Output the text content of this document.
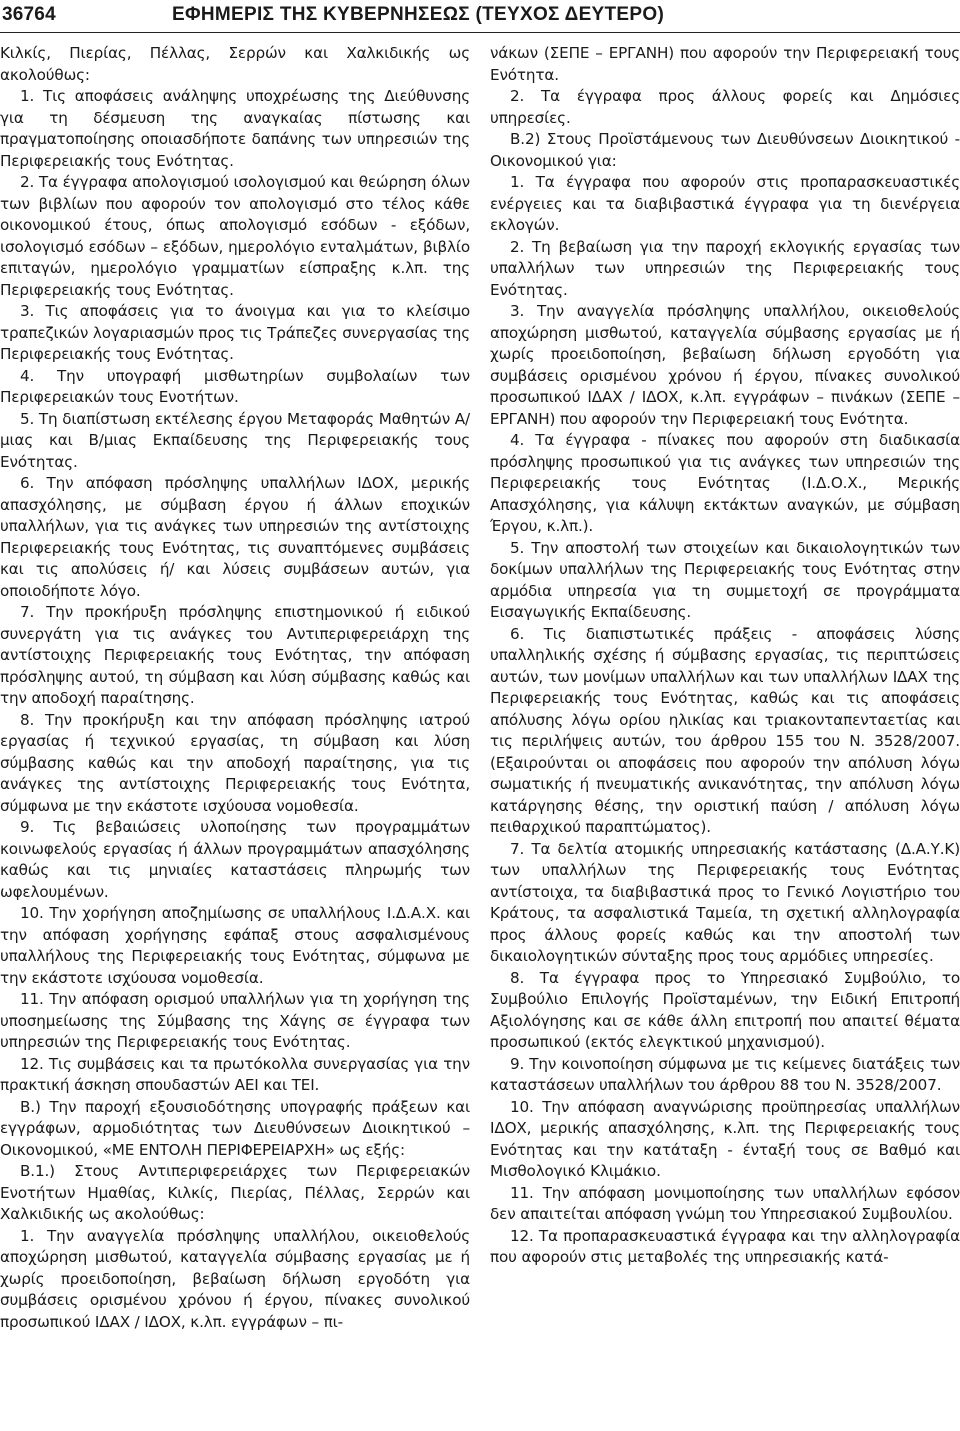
36764	ΕΦΗΜΕΡΙΣ ΤΗΣ ΚΥΒΕΡΝΗΣΕΩΣ (ΤΕΥΧΟΣ ΔΕΥΤΕΡΟ)

Κιλκίς, Πιερίας, Πέλλας, Σερρών και Χαλκιδικής ως ακολούθως:

1. Τις αποφάσεις ανάληψης υποχρέωσης της Διεύθυνσης για τη δέσμευση της αναγκαίας πίστωσης και πραγματοποίησης οποιασδήποτε δαπάνης των υπηρεσιών της Περιφερειακής τους Ενότητας.

2. Τα έγγραφα απολογισμού ισολογισμού και θεώρηση όλων των βιβλίων που αφορούν τον απολογισμό στο τέλος κάθε οικονομικού έτους, όπως απολογισμό εσόδων - εξόδων, ισολογισμό εσόδων – εξόδων, ημερολόγιο ενταλμάτων, βιβλίο επιταγών, ημερολόγιο γραμματίων είσπραξης κ.λπ. της Περιφερειακής τους Ενότητας.

3. Τις αποφάσεις για το άνοιγμα και για το κλείσιμο τραπεζικών λογαριασμών προς τις Τράπεζες συνεργασίας της Περιφερειακής τους Ενότητας.

4. Την υπογραφή μισθωτηρίων συμβολαίων των Περιφερειακών τους Ενοτήτων.

5. Τη διαπίστωση εκτέλεσης έργου Μεταφοράς Μαθητών Α/μιας και Β/μιας Εκπαίδευσης της Περιφερειακής τους Ενότητας.

6. Την απόφαση πρόσληψης υπαλλήλων ΙΔΟΧ, μερικής απασχόλησης, με σύμβαση έργου ή άλλων εποχικών υπαλλήλων, για τις ανάγκες των υπηρεσιών της αντίστοιχης Περιφερειακής τους Ενότητας, τις συναπτόμενες συμβάσεις και τις απολύσεις ή/ και λύσεις συμβάσεων αυτών, για οποιοδήποτε λόγο.

7. Την προκήρυξη πρόσληψης επιστημονικού ή ειδικού συνεργάτη για τις ανάγκες του Αντιπεριφερειάρχη της αντίστοιχης Περιφερειακής τους Ενότητας, την απόφαση πρόσληψης αυτού, τη σύμβαση και λύση σύμβασης καθώς και την αποδοχή παραίτησης.

8. Την προκήρυξη και την απόφαση πρόσληψης ιατρού εργασίας ή τεχνικού εργασίας, τη σύμβαση και λύση σύμβασης καθώς και την αποδοχή παραίτησης, για τις ανάγκες της αντίστοιχης Περιφερειακής τους Ενότητα, σύμφωνα με την εκάστοτε ισχύουσα νομοθεσία.

9. Τις βεβαιώσεις υλοποίησης των προγραμμάτων κοινωφελούς εργασίας ή άλλων προγραμμάτων απασχόλησης καθώς και τις μηνιαίες καταστάσεις πληρωμής των ωφελουμένων.

10. Την χορήγηση αποζημίωσης σε υπαλλήλους Ι.Δ.Α.Χ. και την απόφαση χορήγησης εφάπαξ στους ασφαλισμένους υπαλλήλους της Περιφερειακής τους Ενότητας, σύμφωνα με την εκάστοτε ισχύουσα νομοθεσία.

11. Την απόφαση ορισμού υπαλλήλων για τη χορήγηση της υποσημείωσης της Σύμβασης της Χάγης σε έγγραφα των υπηρεσιών της Περιφερειακής τους Ενότητας.

12. Τις συμβάσεις και τα πρωτόκολλα συνεργασίας για την πρακτική άσκηση σπουδαστών ΑΕΙ και ΤΕΙ.

Β.) Την παροχή εξουσιοδότησης υπογραφής πράξεων και εγγράφων, αρμοδιότητας των Διευθύνσεων Διοικητικού – Οικονομικού, «ΜΕ ΕΝΤΟΛΗ ΠΕΡΙΦΕΡΕΙΑΡΧΗ» ως εξής:

Β.1.) Στους Αντιπεριφερειάρχες των Περιφερειακών Ενοτήτων Ημαθίας, Κιλκίς, Πιερίας, Πέλλας, Σερρών και Χαλκιδικής ως ακολούθως:

1. Την αναγγελία πρόσληψης υπαλλήλου, οικειοθελούς αποχώρηση μισθωτού, καταγγελία σύμβασης εργασίας με ή χωρίς προειδοποίηση, βεβαίωση δήλωση εργοδότη για συμβάσεις ορισμένου χρόνου ή έργου, πίνακες συνολικού προσωπικού ΙΔΑΧ / ΙΔΟΧ, κ.λπ. εγγράφων – πι-

νάκων (ΣΕΠΕ – ΕΡΓΑΝΗ) που αφορούν την Περιφερειακή τους Ενότητα.

2. Τα έγγραφα προς άλλους φορείς και Δημόσιες υπηρεσίες.

Β.2) Στους Προϊστάμενους των Διευθύνσεων Διοικητικού - Οικονομικού για:

1. Τα έγγραφα που αφορούν στις προπαρασκευαστικές ενέργειες και τα διαβιβαστικά έγγραφα για τη διενέργεια εκλογών.

2. Τη βεβαίωση για την παροχή εκλογικής εργασίας των υπαλλήλων των υπηρεσιών της Περιφερειακής τους Ενότητας.

3. Την αναγγελία πρόσληψης υπαλλήλου, οικειοθελούς αποχώρηση μισθωτού, καταγγελία σύμβασης εργασίας με ή χωρίς προειδοποίηση, βεβαίωση δήλωση εργοδότη για συμβάσεις ορισμένου χρόνου ή έργου, πίνακες συνολικού προσωπικού ΙΔΑΧ / ΙΔΟΧ, κ.λπ. εγγράφων – πινάκων (ΣΕΠΕ – ΕΡΓΑΝΗ) που αφορούν την Περιφερειακή τους Ενότητα.

4. Τα έγγραφα - πίνακες που αφορούν στη διαδικασία πρόσληψης προσωπικού για τις ανάγκες των υπηρεσιών της Περιφερειακής τους Ενότητας (Ι.Δ.Ο.Χ., Μερικής Απασχόλησης, για κάλυψη εκτάκτων αναγκών, με σύμβαση Έργου, κ.λπ.).

5. Την αποστολή των στοιχείων και δικαιολογητικών των δοκίμων υπαλλήλων της Περιφερειακής τους Ενότητας στην αρμόδια υπηρεσία για τη συμμετοχή σε προγράμματα Εισαγωγικής Εκπαίδευσης.

6. Τις διαπιστωτικές πράξεις - αποφάσεις λύσης υπαλληλικής σχέσης ή σύμβασης εργασίας, τις περιπτώσεις αυτών, των μονίμων υπαλλήλων και των υπαλλήλων ΙΔΑΧ της Περιφερειακής τους Ενότητας, καθώς και τις αποφάσεις απόλυσης λόγω ορίου ηλικίας και τριακονταπενταετίας και τις περιλήψεις αυτών, του άρθρου 155 του Ν. 3528/2007. (Εξαιρούνται οι αποφάσεις που αφορούν την απόλυση λόγω σωματικής ή πνευματικής ανικανότητας, την απόλυση λόγω κατάργησης θέσης, την οριστική παύση / απόλυση λόγω πειθαρχικού παραπτώματος).

7. Τα δελτία ατομικής υπηρεσιακής κατάστασης (Δ.Α.Υ.Κ) των υπαλλήλων της Περιφερειακής τους Ενότητας αντίστοιχα, τα διαβιβαστικά προς το Γενικό Λογιστήριο του Κράτους, τα ασφαλιστικά Ταμεία, τη σχετική αλληλογραφία προς άλλους φορείς καθώς και την αποστολή των δικαιολογητικών σύνταξης προς τους αρμόδιες υπηρεσίες.

8. Τα έγγραφα προς το Υπηρεσιακό Συμβούλιο, το Συμβούλιο Επιλογής Προϊσταμένων, την Ειδική Επιτροπή Αξιολόγησης και σε κάθε άλλη επιτροπή που απαιτεί θέματα προσωπικού (εκτός ελεγκτικού μηχανισμού).

9. Την κοινοποίηση σύμφωνα με τις κείμενες διατάξεις των καταστάσεων υπαλλήλων του άρθρου 88 του Ν. 3528/2007.

10. Την απόφαση αναγνώρισης προϋπηρεσίας υπαλλήλων ΙΔΟΧ, μερικής απασχόλησης, κ.λπ. της Περιφερειακής τους Ενότητας και την κατάταξη - ένταξή τους σε Βαθμό και Μισθολογικό Κλιμάκιο.

11. Την απόφαση μονιμοποίησης των υπαλλήλων εφόσον δεν απαιτείται απόφαση γνώμη του Υπηρεσιακού Συμβουλίου.

12. Τα προπαρασκευαστικά έγγραφα και την αλληλογραφία που αφορούν στις μεταβολές της υπηρεσιακής κατά-
